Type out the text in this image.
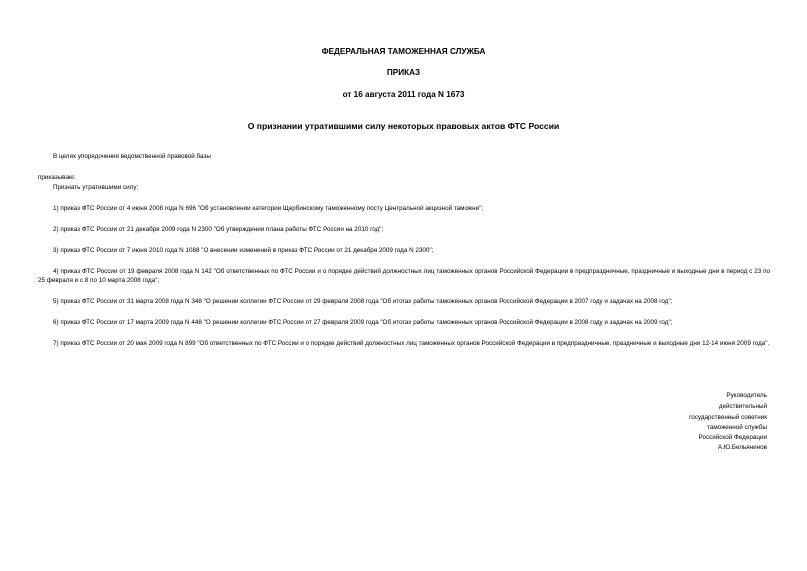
ФЕДЕРАЛЬНАЯ ТАМОЖЕННАЯ СЛУЖБА
ПРИКАЗ
от 16 августа 2011 года N 1673
О признании утратившими силу некоторых правовых актов ФТС России
В целях упорядочения ведомственной правовой базы
приказываю:
Признать утратившими силу:
1) приказ ФТС России от 4 июня 2008 года N 696 "Об установлении категории Щербинскому таможенному посту Центральной акцизной таможни";
2) приказ ФТС России от 21 декабря 2009 года N 2300 "Об утверждении плана работы ФТС России на 2010 год";
3) приказ ФТС России от 7 июня 2010 года N 1088 "О внесении изменений в приказ ФТС России от 21 декабря 2009 года N 2300";
4) приказ ФТС России от 19 февраля 2008 года N 142 "Об ответственных по ФТС России и о порядке действий должностных лиц таможенных органов Российской Федерации в предпраздничные, праздничные и выходные дни в период с 23 по 25 февраля и с 8 по 10 марта 2008 года";
5) приказ ФТС России от 31 марта 2008 года N 348 "О решении коллегии ФТС России от 29 февраля 2008 года "Об итогах работы таможенных органов Российской Федерации в 2007 году и задачах на 2008 год";
6) приказ ФТС России от 17 марта 2009 года N 448 "О решении коллегии ФТС России от 27 февраля 2009 года "Об итогах работы таможенных органов Российской Федерации в 2008 году и задачах на 2009 год";
7) приказ ФТС России от 20 мая 2009 года N 899 "Об ответственных по ФТС России и о порядке действий должностных лиц таможенных органов Российской Федерации в предпраздничные, праздничные и выходные дни 12-14 июня 2009 года".
Руководитель
действительный
государственный советник
таможенной службы
Российской Федерации
А.Ю.Бельянинов
